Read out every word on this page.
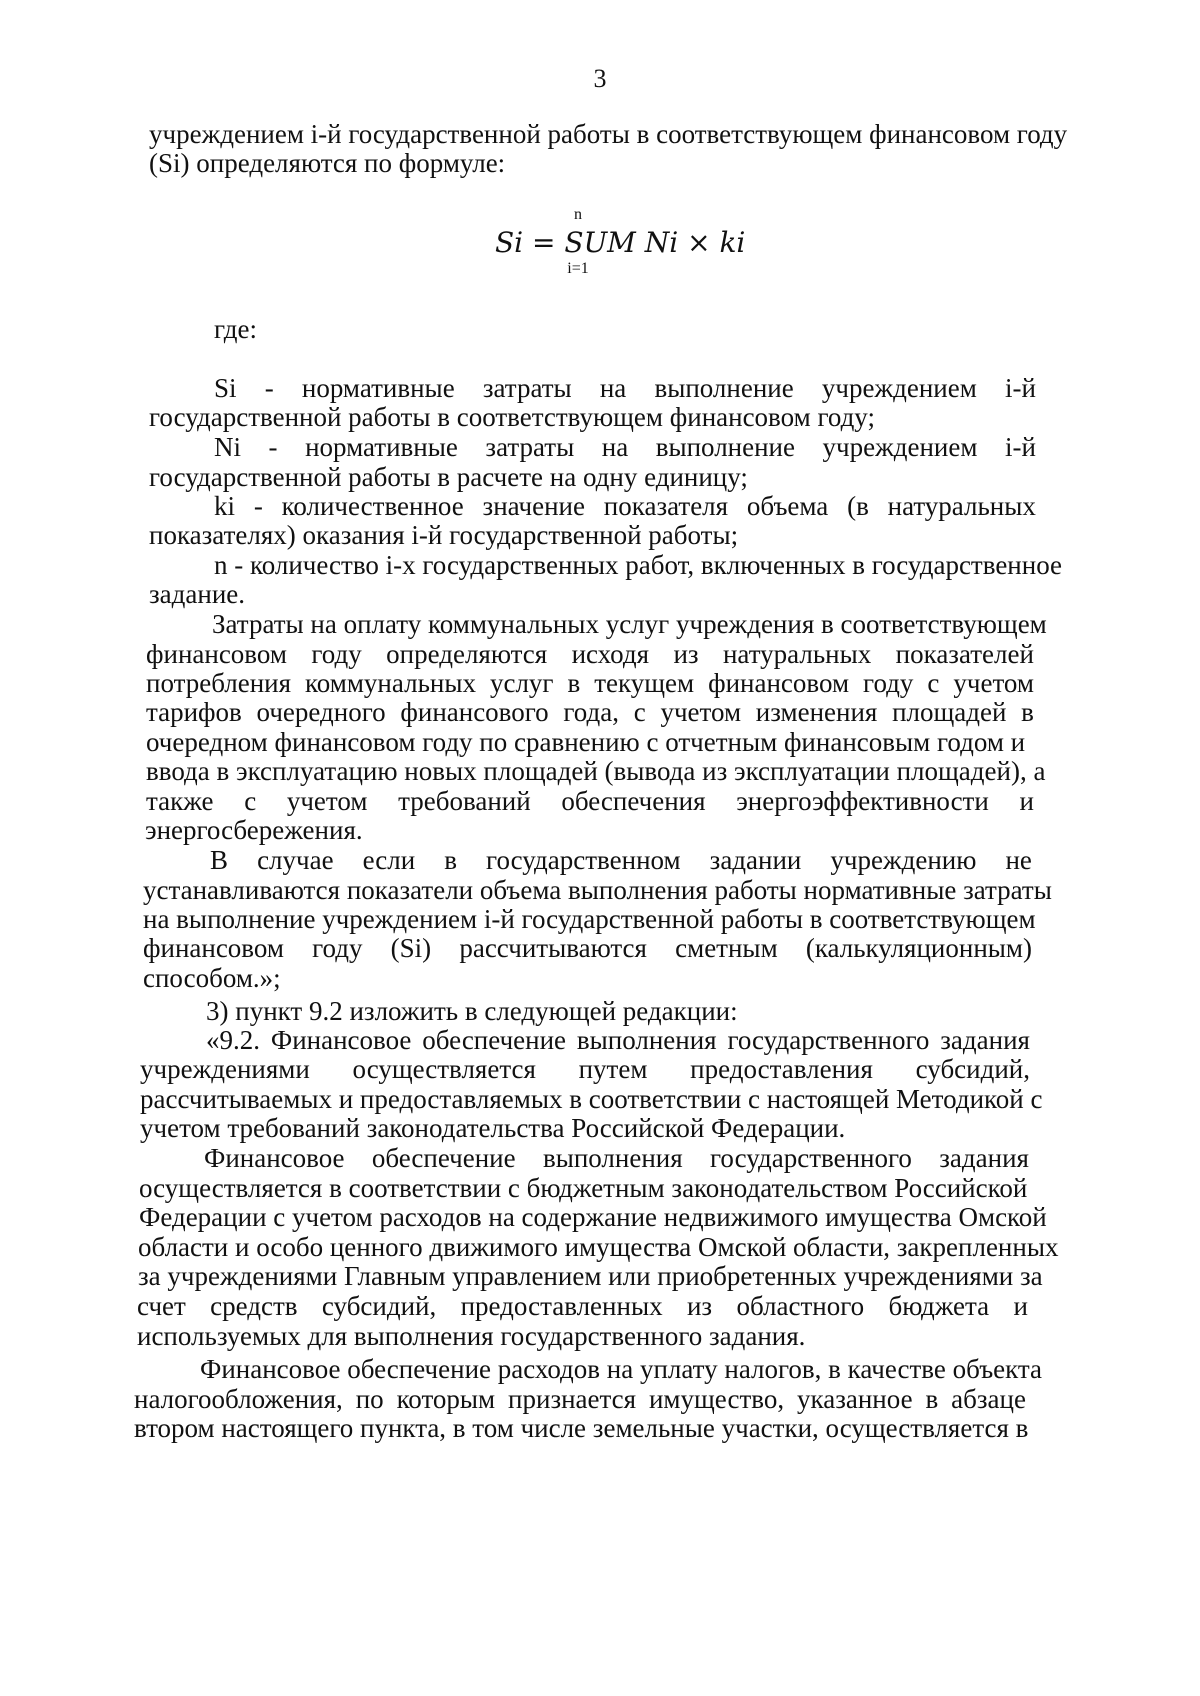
3
учреждением i-й государственной работы в соответствующем финансовом году
(Si) определяются по формуле:
n
Si = SUM Ni × ki
i=1
где:
Si - нормативные затраты на выполнение учреждением i-й
государственной работы в соответствующем финансовом году;
Ni - нормативные затраты на выполнение учреждением i-й
государственной работы в расчете на одну единицу;
ki - количественное значение показателя объема (в натуральных
показателях) оказания i-й государственной работы;
n - количество i-х государственных работ, включенных в государственное
задание.
Затраты на оплату коммунальных услуг учреждения в соответствующем
финансовом году определяются исходя из натуральных показателей
потребления коммунальных услуг в текущем финансовом году с учетом
тарифов очередного финансового года, с учетом изменения площадей в
очередном финансовом году по сравнению с отчетным финансовым годом и
ввода в эксплуатацию новых площадей (вывода из эксплуатации площадей), а
также с учетом требований обеспечения энергоэффективности и
энергосбережения.
В случае если в государственном задании учреждению не
устанавливаются показатели объема выполнения работы нормативные затраты
на выполнение учреждением i-й государственной работы в соответствующем
финансовом году (Si) рассчитываются сметным (калькуляционным)
способом.»;
3) пункт 9.2 изложить в следующей редакции:
«9.2. Финансовое обеспечение выполнения государственного задания
учреждениями осуществляется путем предоставления субсидий,
рассчитываемых и предоставляемых в соответствии с настоящей Методикой с
учетом требований законодательства Российской Федерации.
Финансовое обеспечение выполнения государственного задания
осуществляется в соответствии с бюджетным законодательством Российской
Федерации с учетом расходов на содержание недвижимого имущества Омской
области и особо ценного движимого имущества Омской области, закрепленных
за учреждениями Главным управлением или приобретенных учреждениями за
счет средств субсидий, предоставленных из областного бюджета и
используемых для выполнения государственного задания.
Финансовое обеспечение расходов на уплату налогов, в качестве объекта
налогообложения, по которым признается имущество, указанное в абзаце
втором настоящего пункта, в том числе земельные участки, осуществляется в
